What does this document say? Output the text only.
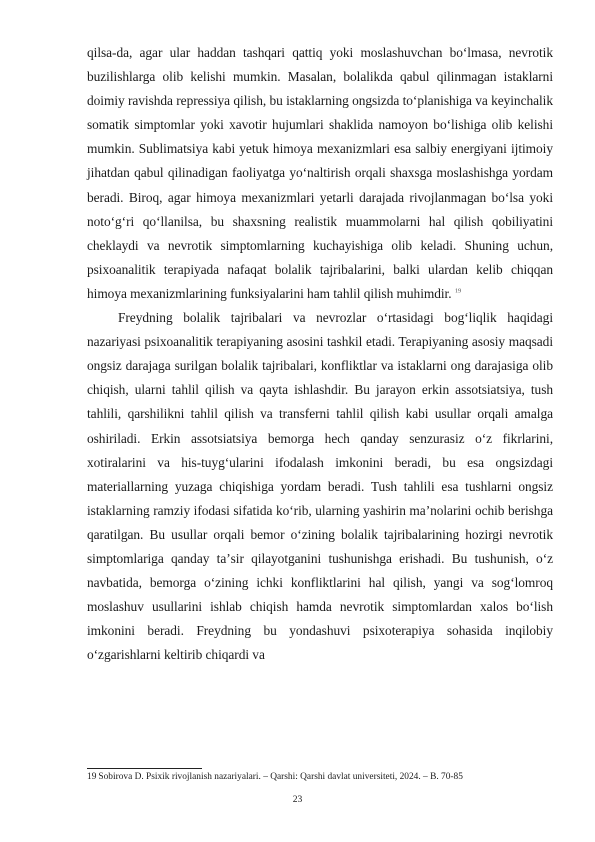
qilsa-da, agar ular haddan tashqari qattiq yoki moslashuvchan boʻlmasa, nevrotik buzilishlarga olib kelishi mumkin. Masalan, bolalikda qabul qilinmagan istaklarni doimiy ravishda repressiya qilish, bu istaklarning ongsizda toʻplanishiga va keyinchalik somatik simptomlar yoki xavotir hujumlari shaklida namoyon boʻlishiga olib kelishi mumkin. Sublimatsiya kabi yetuk himoya mexanizmlari esa salbiy energiyani ijtimoiy jihatdan qabul qilinadigan faoliyatga yoʻnaltirish orqali shaxsga moslashishga yordam beradi. Biroq, agar himoya mexanizmlari yetarli darajada rivojlanmagan boʻlsa yoki notoʻgʻri qoʻllanilsa, bu shaxsning realistik muammolarni hal qilish qobiliyatini cheklaydi va nevrotik simptomlarning kuchayishiga olib keladi. Shuning uchun, psixoanalitik terapiyada nafaqat bolalik tajribalarini, balki ulardan kelib chiqqan himoya mexanizmlarining funksiyalarini ham tahlil qilish muhimdir. $^{19}$

Freydning bolalik tajribalari va nevrozlar oʻrtasidagi bogʻliqlik haqidagi nazariyasi psixoanalitik terapiyaning asosini tashkil etadi. Terapiyaning asosiy maqsadi ongsiz darajaga surilgan bolalik tajribalari, konfliktlar va istaklarni ong darajasiga olib chiqish, ularni tahlil qilish va qayta ishlashdir. Bu jarayon erkin assotsiatsiya, tush tahlili, qarshilikni tahlil qilish va transferni tahlil qilish kabi usullar orqali amalga oshiriladi. Erkin assotsiatsiya bemorga hech qanday senzurasiz oʻz fikrlarini, xotiralarini va his-tuygʻularini ifodalash imkonini beradi, bu esa ongsizdagi materiallarning yuzaga chiqishiga yordam beradi. Tush tahlili esa tushlarni ongsiz istaklarning ramziy ifodasi sifatida koʻrib, ularning yashirin maʼnolarini ochib berishga qaratilgan. Bu usullar orqali bemor oʻzining bolalik tajribalarining hozirgi nevrotik simptomlariga qanday taʼsir qilayotganini tushunishga erishadi. Bu tushunish, oʻz navbatida, bemorga oʻzining ichki konfliktlarini hal qilish, yangi va sogʻlomroq moslashuv usullarini ishlab chiqish hamda nevrotik simptomlardan xalos boʻlish imkonini beradi. Freydning bu yondashuvi psixoterapiya sohasida inqilobiy oʻzgarishlarni keltirib chiqardi va

19 Sobirova D. Psixik rivojlanish nazariyalari. – Qarshi: Qarshi davlat universiteti, 2024. – B. 70-85
23
